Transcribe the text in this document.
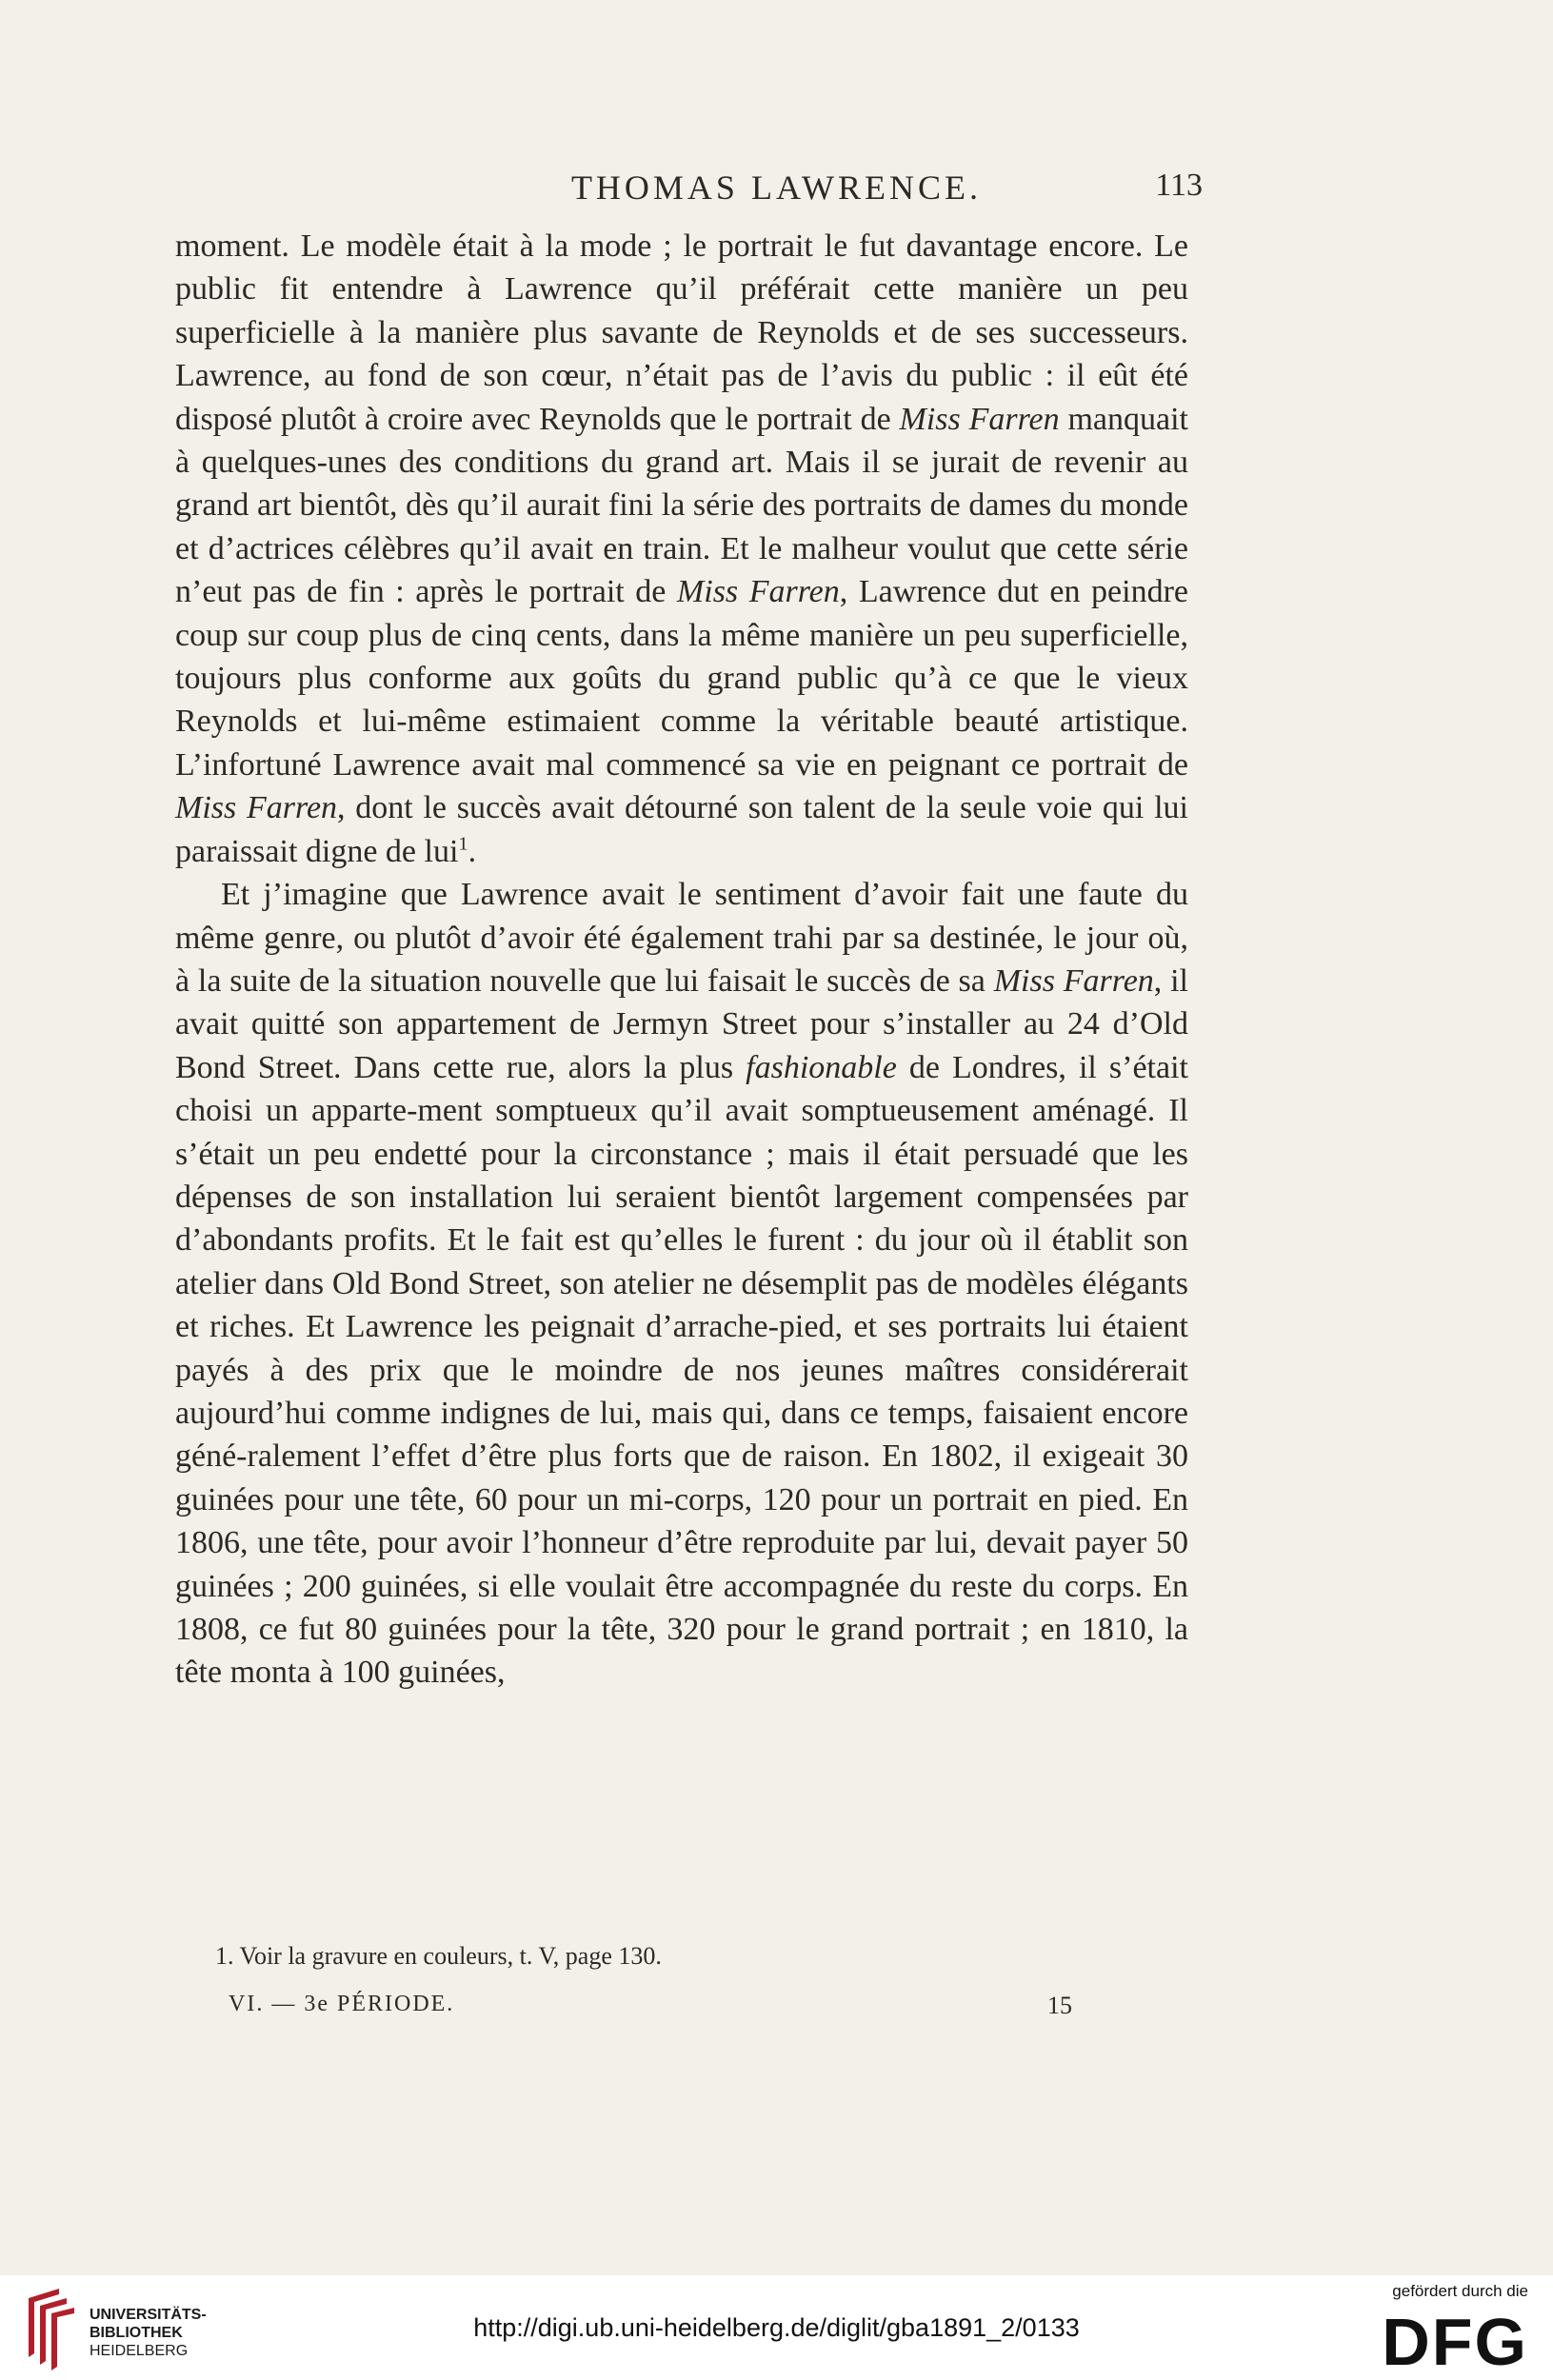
THOMAS LAWRENCE.	113

moment. Le modèle était à la mode ; le portrait le fut davantage encore. Le public fit entendre à Lawrence qu’il préférait cette manière un peu superficielle à la manière plus savante de Reynolds et de ses successeurs. Lawrence, au fond de son cœur, n’était pas de l’avis du public : il eût été disposé plutôt à croire avec Reynolds que le portrait de Miss Farren manquait à quelques-unes des conditions du grand art. Mais il se jurait de revenir au grand art bientôt, dès qu’il aurait fini la série des portraits de dames du monde et d’actrices célèbres qu’il avait en train. Et le malheur voulut que cette série n’eut pas de fin : après le portrait de Miss Farren, Lawrence dut en peindre coup sur coup plus de cinq cents, dans la même manière un peu superficielle, toujours plus conforme aux goûts du grand public qu’à ce que le vieux Reynolds et lui-même estimaient comme la véritable beauté artistique. L’infortuné Lawrence avait mal commencé sa vie en peignant ce portrait de Miss Farren, dont le succès avait détourné son talent de la seule voie qui lui paraissait digne de lui$^1$.

Et j’imagine que Lawrence avait le sentiment d’avoir fait une faute du même genre, ou plutôt d’avoir été également trahi par sa destinée, le jour où, à la suite de la situation nouvelle que lui faisait le succès de sa Miss Farren, il avait quitté son appartement de Jermyn Street pour s’installer au 24 d’Old Bond Street. Dans cette rue, alors la plus fashionable de Londres, il s’était choisi un apparte-ment somptueux qu’il avait somptueusement aménagé. Il s’était un peu endetté pour la circonstance ; mais il était persuadé que les dépenses de son installation lui seraient bientôt largement compensées par d’abondants profits. Et le fait est qu’elles le furent : du jour où il établit son atelier dans Old Bond Street, son atelier ne désemplit pas de modèles élégants et riches. Et Lawrence les peignait d’arrache-pied, et ses portraits lui étaient payés à des prix que le moindre de nos jeunes maîtres considérerait aujourd’hui comme indignes de lui, mais qui, dans ce temps, faisaient encore géné-ralement l’effet d’être plus forts que de raison. En 1802, il exigeait 30 guinées pour une tête, 60 pour un mi-corps, 120 pour un portrait en pied. En 1806, une tête, pour avoir l’honneur d’être reproduite par lui, devait payer 50 guinées ; 200 guinées, si elle voulait être accompagnée du reste du corps. En 1808, ce fut 80 guinées pour la tête, 320 pour le grand portrait ; en 1810, la tête monta à 100 guinées,

1. Voir la gravure en couleurs, t. V, page 130.
VI. — 3e PÉRIODE.	15
UNIVERSITÄTS-
BIBLIOTHEK
HEIDELBERG
http://digi.ub.uni-heidelberg.de/diglit/gba1891_2/0133
gefördert durch die
DFG
